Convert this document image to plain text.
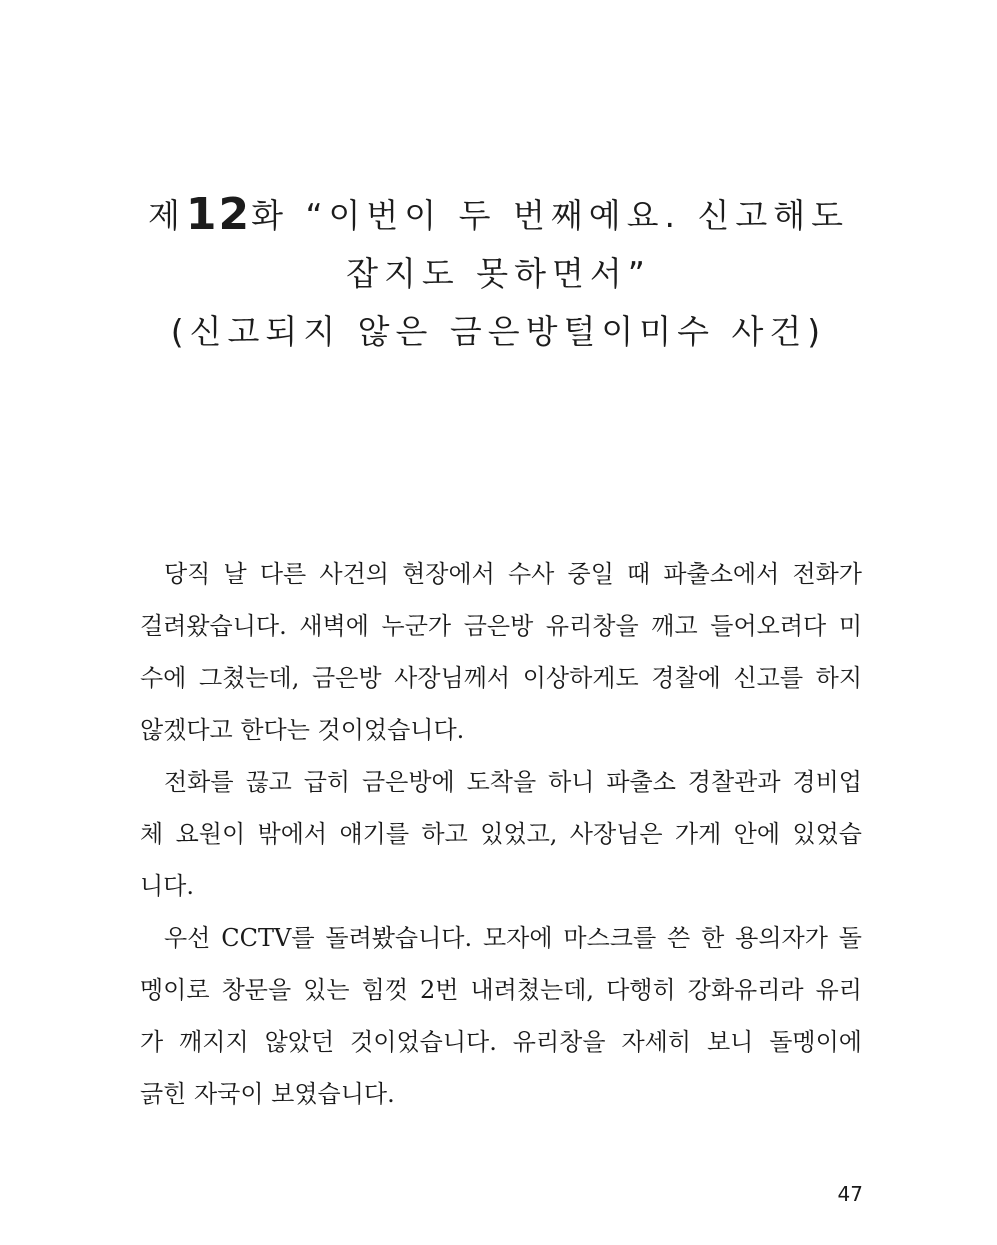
제12화 “이번이 두 번째예요. 신고해도
잡지도 못하면서”
(신고되지 않은 금은방털이미수 사건)
당직 날 다른 사건의 현장에서 수사 중일 때 파출소에서 전화가
걸려왔습니다. 새벽에 누군가 금은방 유리창을 깨고 들어오려다 미
수에 그쳤는데, 금은방 사장님께서 이상하게도 경찰에 신고를 하지
않겠다고 한다는 것이었습니다.
전화를 끊고 급히 금은방에 도착을 하니 파출소 경찰관과 경비업
체 요원이 밖에서 얘기를 하고 있었고, 사장님은 가게 안에 있었습
니다.
우선 CCTV를 돌려봤습니다. 모자에 마스크를 쓴 한 용의자가 돌
멩이로 창문을 있는 힘껏 2번 내려쳤는데, 다행히 강화유리라 유리
가 깨지지 않았던 것이었습니다. 유리창을 자세히 보니 돌멩이에
긁힌 자국이 보였습니다.
47
